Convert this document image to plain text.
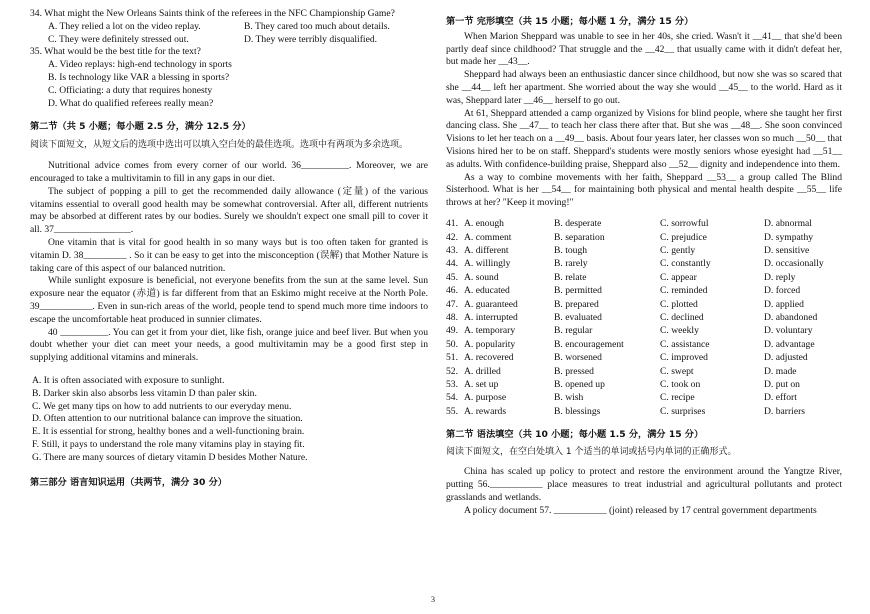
34. What might the New Orleans Saints think of the referees in the NFC Championship Game?

A. They relied a lot on the video replay.	B. They cared too much about details.
C. They were definitely stressed out.	D. They were terribly disqualified.

35. What would be the best title for the text?

A. Video replays: high-end technology in sports

B. Is technology like VAR a blessing in sports?

C. Officiating: a duty that requires honesty

D. What do qualified referees really mean?

第二节（共 5 小题；每小题 2.5 分，满分 12.5 分）

阅读下面短文，从短文后的选项中选出可以填入空白处的最佳选项。选项中有两项为多余选项。

Nutritional advice comes from every corner of our world. 36__________. Moreover, we are encouraged to take a multivitamin to fill in any gaps in our diet.

The subject of popping a pill to get the recommended daily allowance (定量) of the various vitamins essential to overall good health may be somewhat controversial. After all, different nutrients may be absorbed at different rates by our bodies. Surely we shouldn't expect one small pill to cover it all. 37________________.

One vitamin that is vital for good health in so many ways but is too often taken for granted is vitamin D. 38_________ . So it can be easy to get into the misconception (误解) that Mother Nature is taking care of this aspect of our balanced nutrition.

While sunlight exposure is beneficial, not everyone benefits from the sun at the same level. Sun exposure near the equator (赤道) is far different from that an Eskimo might receive at the North Pole. 39___________. Even in sun-rich areas of the world, people tend to spend much more time indoors to escape the uncomfortable heat produced in sunnier climates.

40 __________. You can get it from your diet, like fish, orange juice and beef liver. But when you doubt whether your diet can meet your needs, a good multivitamin may be a good first step in supplying additional vitamins and minerals.

A. It is often associated with exposure to sunlight.

B. Darker skin also absorbs less vitamin D than paler skin.

C. We get many tips on how to add nutrients to our everyday menu.

D. Often attention to our nutritional balance can improve the situation.

E. It is essential for strong, healthy bones and a well-functioning brain.

F. Still, it pays to understand the role many vitamins play in staying fit.

G. There are many sources of dietary vitamin D besides Mother Nature.

第三部分 语言知识运用（共两节，满分 30 分）

第一节 完形填空（共 15 小题；每小题 1 分，满分 15 分）

When Marion Sheppard was unable to see in her 40s, she cried. Wasn't it __41__ that she'd been partly deaf since childhood? That struggle and the __42__ that usually came with it didn't defeat her, but made her __43__.

Sheppard had always been an enthusiastic dancer since childhood, but now she was so scared that she __44__ left her apartment. She worried about the way she would __45__ to the world. Hard as it was, Sheppard later __46__ herself to go out.

At 61, Sheppard attended a camp organized by Visions for blind people, where she taught her first dancing class. She __47__ to teach her class there after that. But she was __48__. She soon convinced Visions to let her teach on a __49__ basis. About four years later, her classes won so much __50__ that Visions hired her to be on staff. Sheppard's students were mostly seniors whose eyesight had __51__ as adults. With confidence-building praise, Sheppard also __52__ dignity and independence into them.

As a way to combine movements with her faith, Sheppard __53__ a group called The Blind Sisterhood. What is her __54__ for maintaining both physical and mental health despite __55__ life throws at her? "Keep it moving!"

41.	A. enough	B. desperate	C. sorrowful	D. abnormal
42.	A. comment	B. separation	C. prejudice	D. sympathy
43.	A. different	B. tough	C. gently	D. sensitive
44.	A. willingly	B. rarely	C. constantly	D. occasionally
45.	A. sound	B. relate	C. appear	D. reply
46.	A. educated	B. permitted	C. reminded	D. forced
47.	A. guaranteed	B. prepared	C. plotted	D. applied
48.	A. interrupted	B. evaluated	C. declined	D. abandoned
49.	A. temporary	B. regular	C. weekly	D. voluntary
50.	A. popularity	B. encouragement	C. assistance	D. advantage
51.	A. recovered	B. worsened	C. improved	D. adjusted
52.	A. drilled	B. pressed	C. swept	D. made
53.	A. set up	B. opened up	C. took on	D. put on
54.	A. purpose	B. wish	C. recipe	D. effort
55.	A. rewards	B. blessings	C. surprises	D. barriers

第二节 语法填空（共 10 小题；每小题 1.5 分，满分 15 分）

阅读下面短文，在空白处填入 1 个适当的单词或括号内单词的正确形式。

China has scaled up policy to protect and restore the environment around the Yangtze River, putting 56.___________ place measures to treat industrial and agricultural pollutants and protect grasslands and wetlands.

A policy document 57. ___________ (joint) released by 17 central government departments

3
